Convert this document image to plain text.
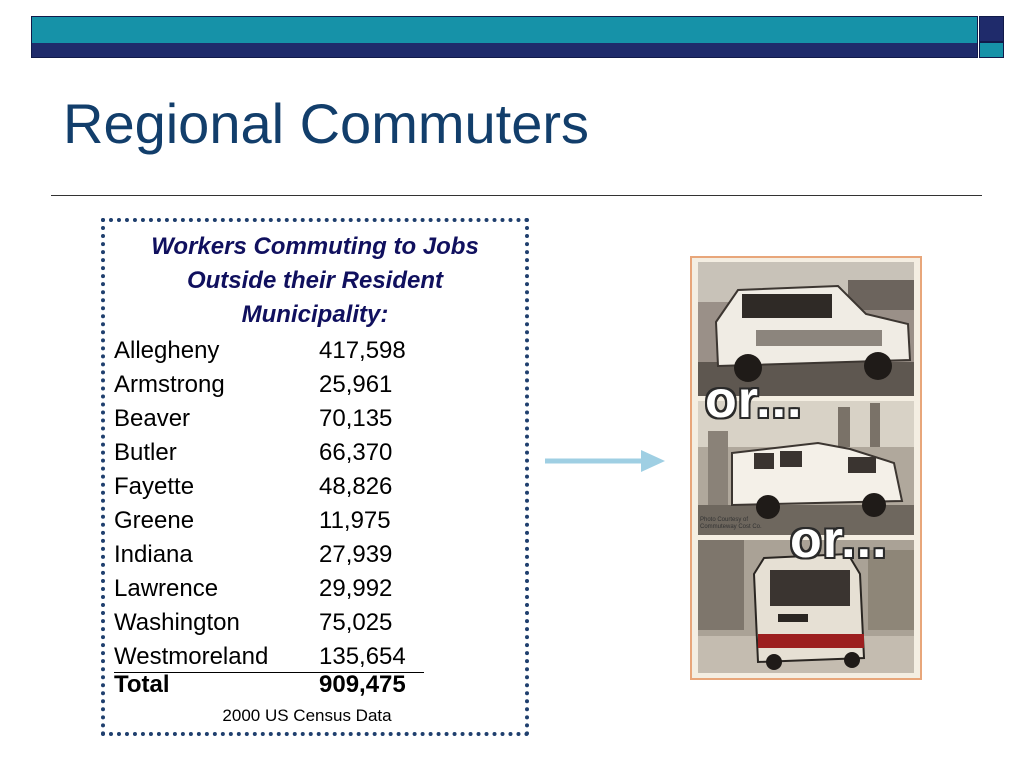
Regional Commuters
Workers Commuting to Jobs
Outside their Resident
Municipality:
Allegheny	417,598
Armstrong	25,961
Beaver	70,135
Butler	66,370
Fayette	48,826
Greene	11,975
Indiana	27,939
Lawrence	29,992
Washington	75,025
Westmoreland 135,654
Total	909,475
2000 US Census Data
Photo Courtesy of Commuteway Cost Co.
or...
or...
